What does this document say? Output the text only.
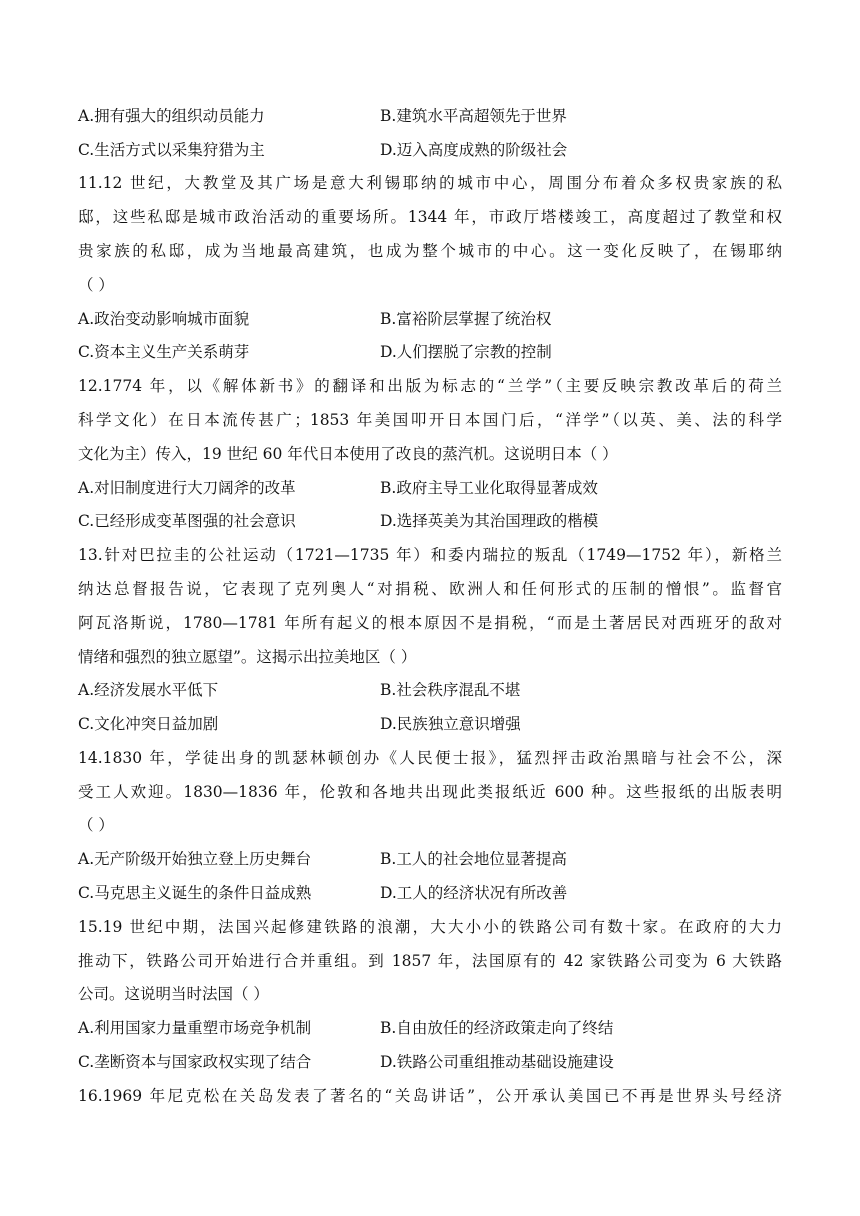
A.拥有强大的组织动员能力	B.建筑水平高超领先于世界
C.生活方式以采集狩猎为主	D.迈入高度成熟的阶级社会
11.12 世纪，大教堂及其广场是意大利锡耶纳的城市中心，周围分布着众多权贵家族的私
邸，这些私邸是城市政治活动的重要场所。1344 年，市政厅塔楼竣工，高度超过了教堂和权
贵家族的私邸，成为当地最高建筑，也成为整个城市的中心。这一变化反映了，在锡耶纳
（ ）
A.政治变动影响城市面貌	B.富裕阶层掌握了统治权
C.资本主义生产关系萌芽	D.人们摆脱了宗教的控制
12.1774 年，以《解体新书》的翻译和出版为标志的“兰学”（主要反映宗教改革后的荷兰
科学文化）在日本流传甚广；1853 年美国叩开日本国门后，“洋学”（以英、美、法的科学
文化为主）传入，19 世纪 60 年代日本使用了改良的蒸汽机。这说明日本（ ）
A.对旧制度进行大刀阔斧的改革	B.政府主导工业化取得显著成效
C.已经形成变革图强的社会意识	D.选择英美为其治国理政的楷模
13.针对巴拉圭的公社运动（1721—1735 年）和委内瑞拉的叛乱（1749—1752 年），新格兰
纳达总督报告说，它表现了克列奥人“对捐税、欧洲人和任何形式的压制的憎恨”。监督官
阿瓦洛斯说，1780—1781 年所有起义的根本原因不是捐税，“而是土著居民对西班牙的敌对
情绪和强烈的独立愿望”。这揭示出拉美地区（ ）
A.经济发展水平低下	B.社会秩序混乱不堪
C.文化冲突日益加剧	D.民族独立意识增强
14.1830 年，学徒出身的凯瑟林顿创办《人民便士报》，猛烈抨击政治黑暗与社会不公，深
受工人欢迎。1830—1836 年，伦敦和各地共出现此类报纸近 600 种。这些报纸的出版表明
（ ）
A.无产阶级开始独立登上历史舞台	B.工人的社会地位显著提高
C.马克思主义诞生的条件日益成熟	D.工人的经济状况有所改善
15.19 世纪中期，法国兴起修建铁路的浪潮，大大小小的铁路公司有数十家。在政府的大力
推动下，铁路公司开始进行合并重组。到 1857 年，法国原有的 42 家铁路公司变为 6 大铁路
公司。这说明当时法国（ ）
A.利用国家力量重塑市场竞争机制	B.自由放任的经济政策走向了终结
C.垄断资本与国家政权实现了结合	D.铁路公司重组推动基础设施建设
16.1969 年尼克松在关岛发表了著名的“关岛讲话”，公开承认美国已不再是世界头号经济
